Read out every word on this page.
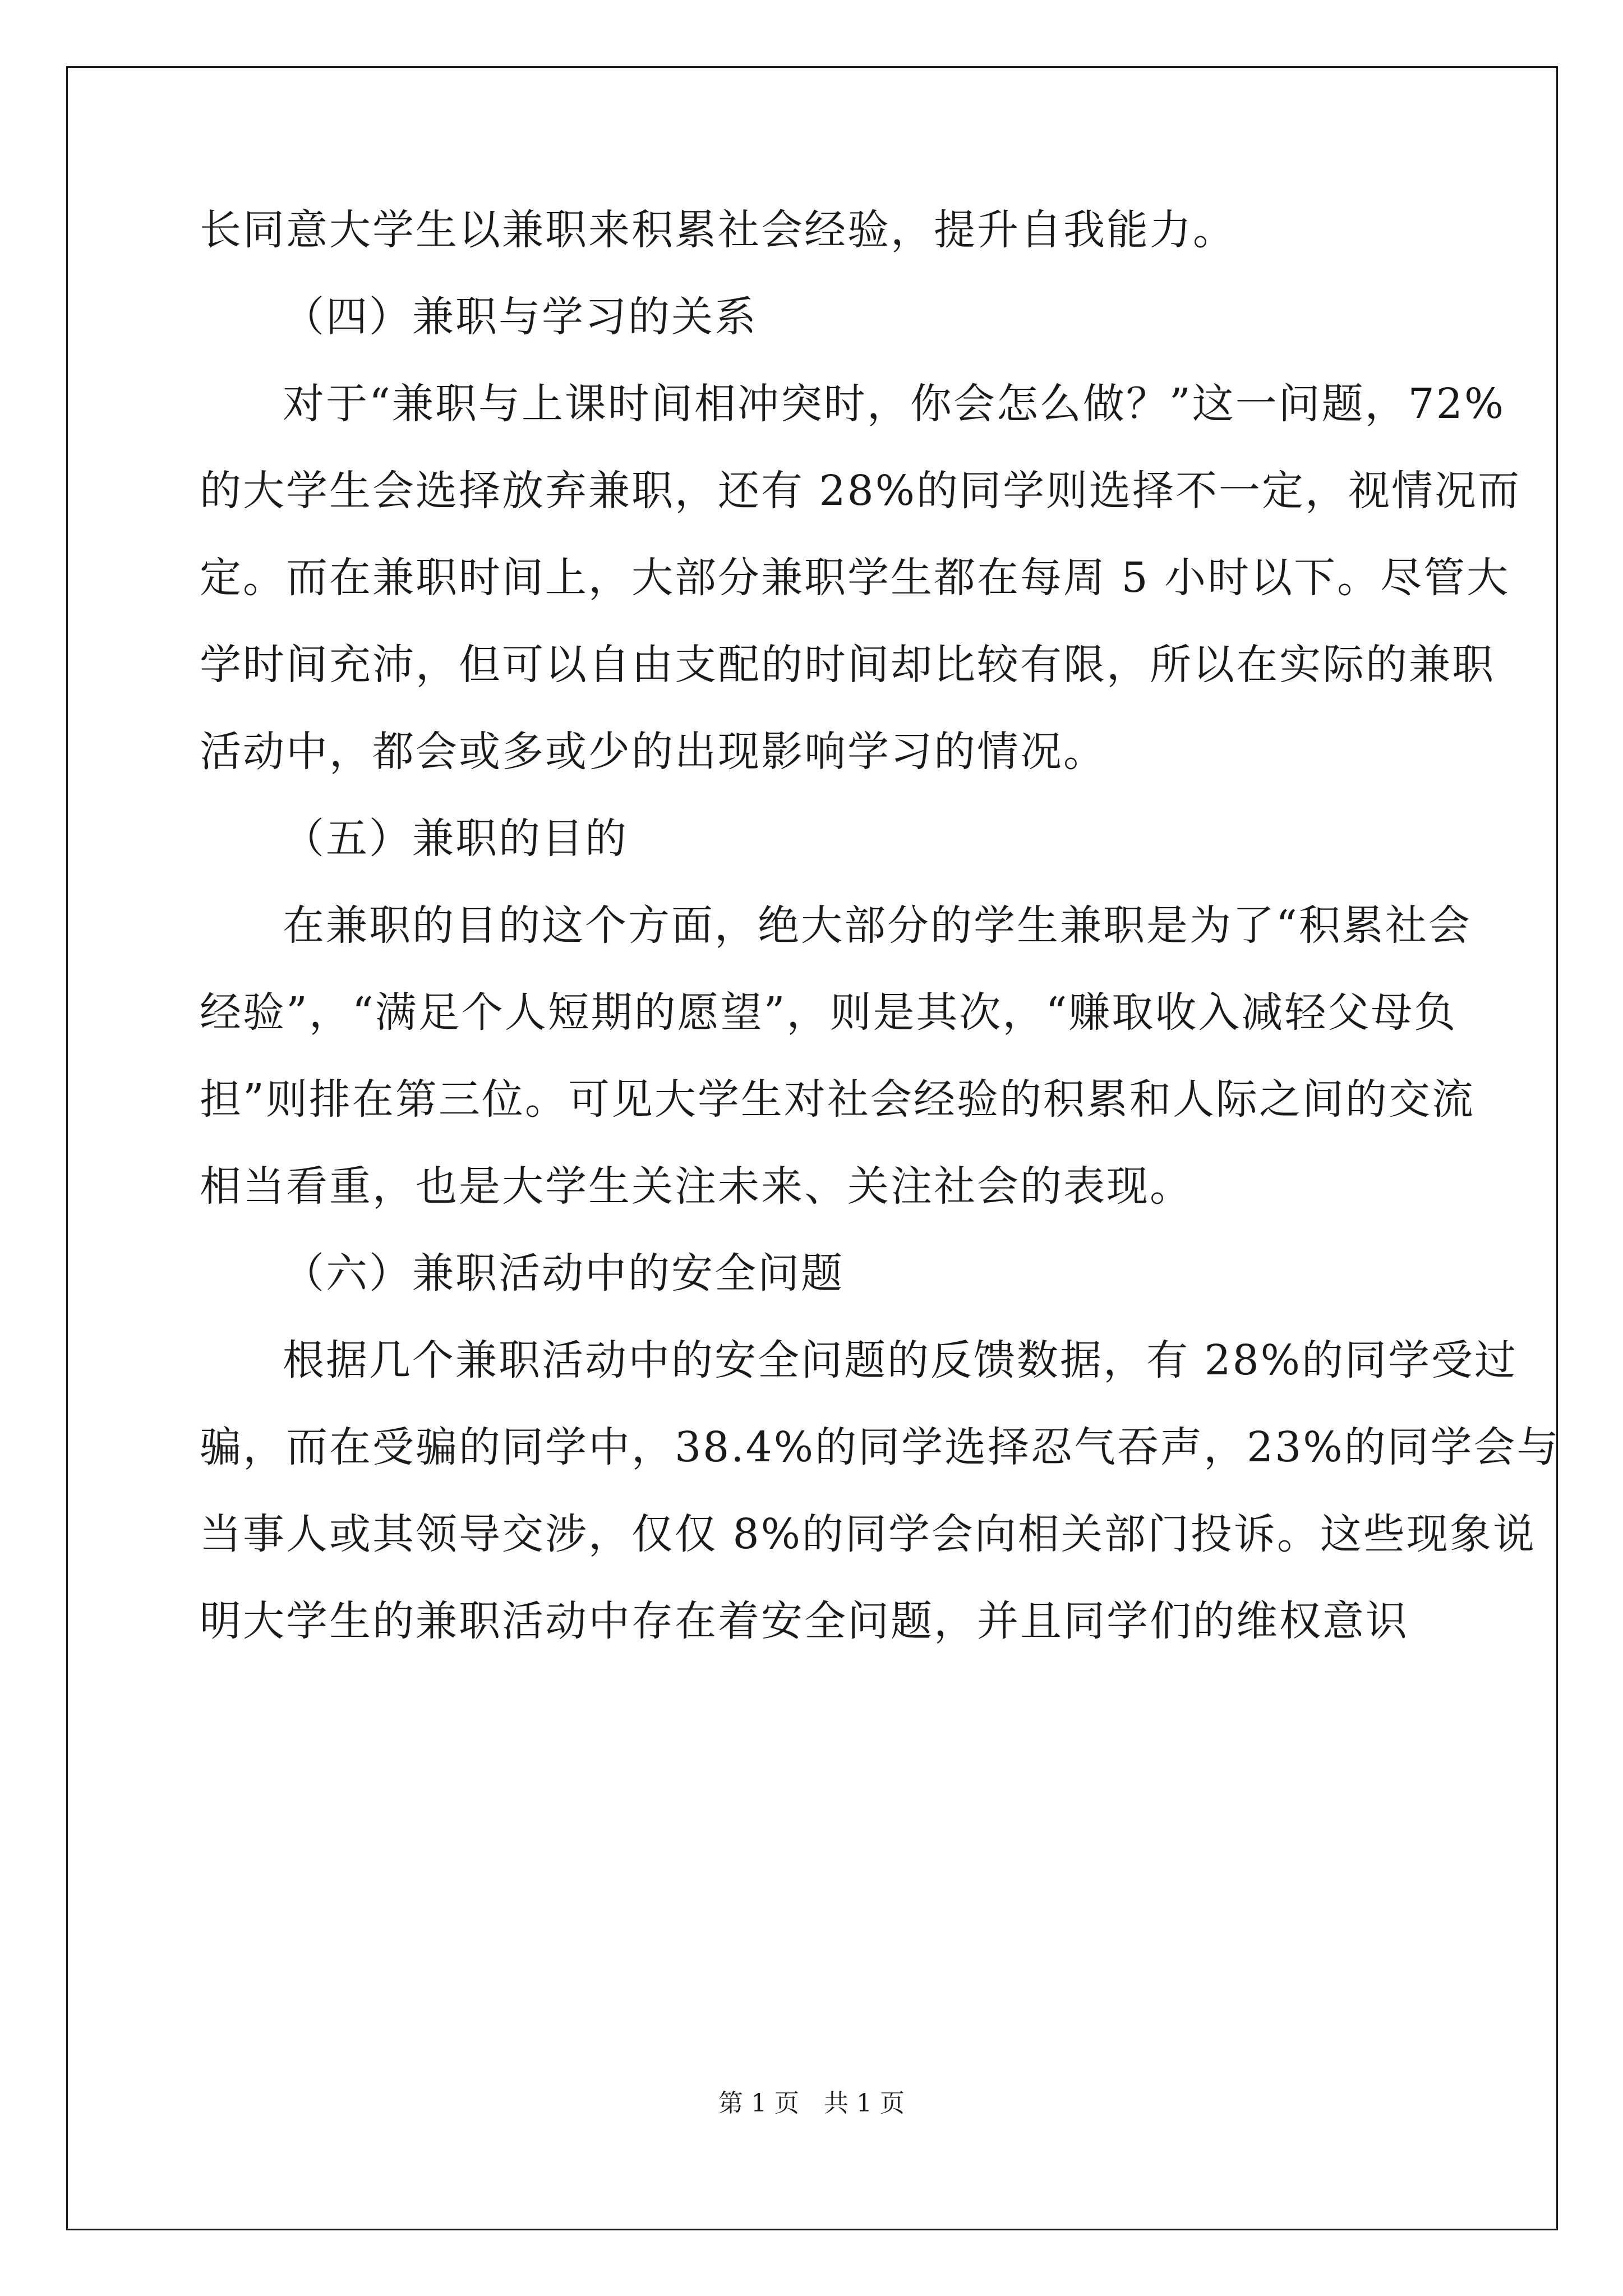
长同意大学生以兼职来积累社会经验，提升自我能力。
（四）兼职与学习的关系
对于“兼职与上课时间相冲突时，你会怎么做？”这一问题，72%
的大学生会选择放弃兼职，还有 28%的同学则选择不一定，视情况而
定。而在兼职时间上，大部分兼职学生都在每周 5 小时以下。尽管大
学时间充沛，但可以自由支配的时间却比较有限，所以在实际的兼职
活动中，都会或多或少的出现影响学习的情况。
（五）兼职的目的
在兼职的目的这个方面，绝大部分的学生兼职是为了“积累社会
经验”，“满足个人短期的愿望”，则是其次，“赚取收入减轻父母负
担”则排在第三位。可见大学生对社会经验的积累和人际之间的交流
相当看重，也是大学生关注未来、关注社会的表现。
（六）兼职活动中的安全问题
根据几个兼职活动中的安全问题的反馈数据，有 28%的同学受过
骗，而在受骗的同学中，38.4%的同学选择忍气吞声，23%的同学会与
当事人或其领导交涉，仅仅 8%的同学会向相关部门投诉。这些现象说
明大学生的兼职活动中存在着安全问题，并且同学们的维权意识
第 1 页　共 1 页
